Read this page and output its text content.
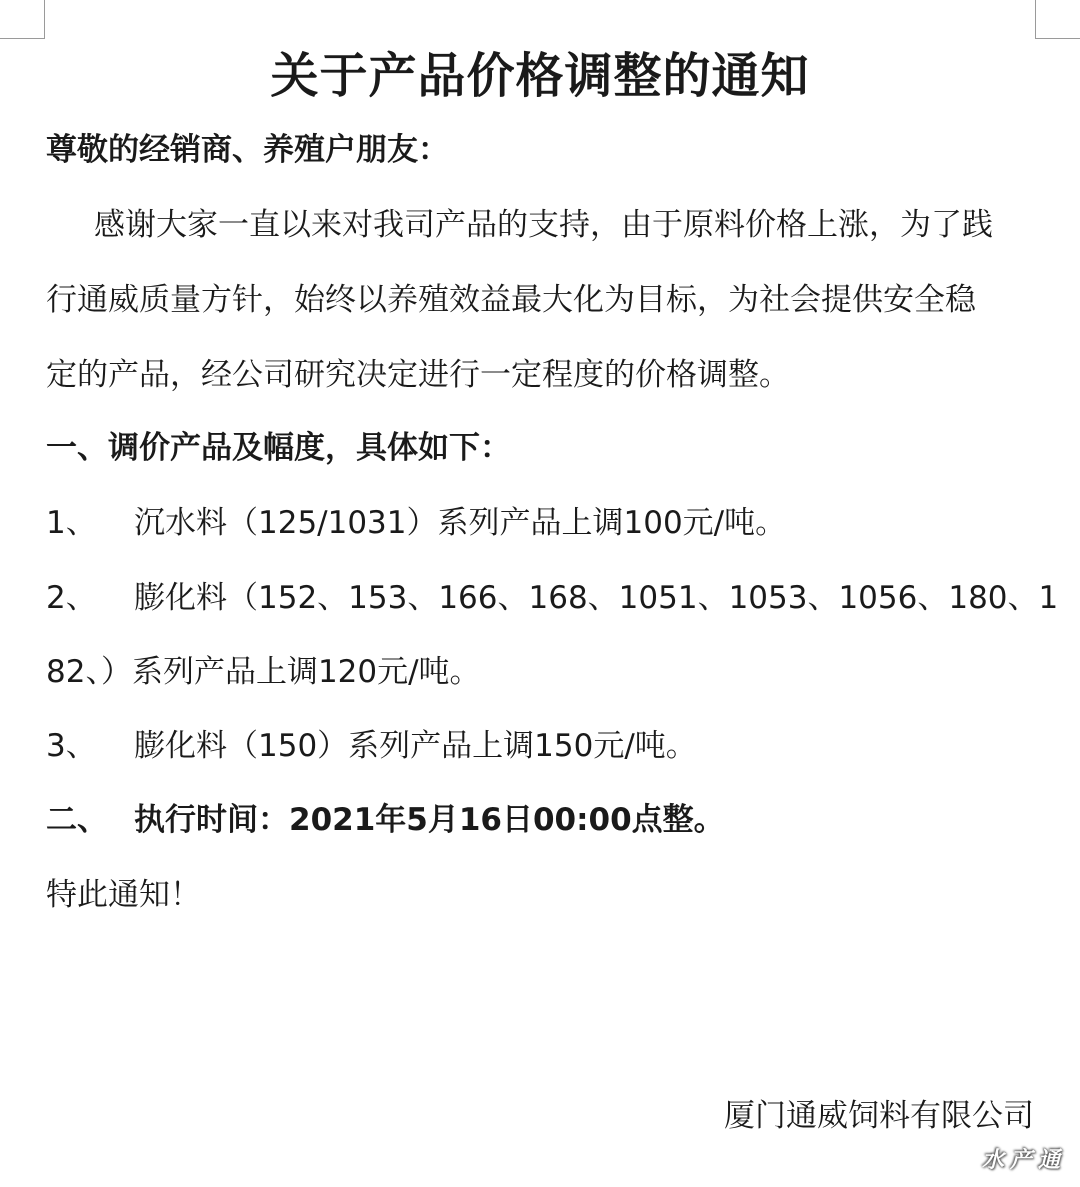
关于产品价格调整的通知
尊敬的经销商、养殖户朋友：
感谢大家一直以来对我司产品的支持，由于原料价格上涨，为了践
行通威质量方针，始终以养殖效益最大化为目标，为社会提供安全稳
定的产品，经公司研究决定进行一定程度的价格调整。
一、调价产品及幅度，具体如下：
1、 沉水料（125/1031）系列产品上调100元/吨。
2、 膨化料（152、153、166、168、1051、1053、1056、180、1
82、）系列产品上调120元/吨。
3、 膨化料（150）系列产品上调150元/吨。
二、 执行时间：2021年5月16日00:00点整。
特此通知！
厦门通威饲料有限公司
水产通
